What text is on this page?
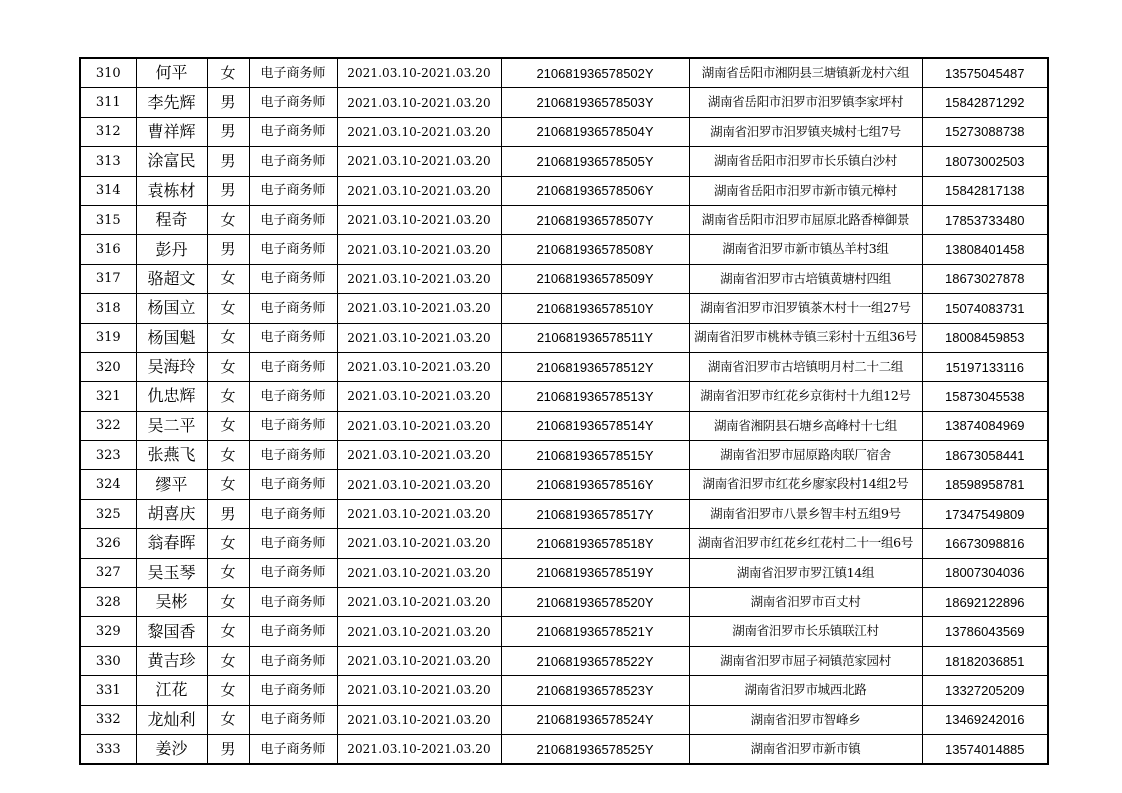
310	何平	女	电子商务师	2021.03.10-2021.03.20	210681936578502Y	湖南省岳阳市湘阴县三塘镇新龙村六组	13575045487
311	李先辉	男	电子商务师	2021.03.10-2021.03.20	210681936578503Y	湖南省岳阳市汨罗市汨罗镇李家坪村	15842871292
312	曹祥辉	男	电子商务师	2021.03.10-2021.03.20	210681936578504Y	湖南省汨罗市汨罗镇夹城村七组7号	15273088738
313	涂富民	男	电子商务师	2021.03.10-2021.03.20	210681936578505Y	湖南省岳阳市汨罗市长乐镇白沙村	18073002503
314	袁栋材	男	电子商务师	2021.03.10-2021.03.20	210681936578506Y	湖南省岳阳市汨罗市新市镇元樟村	15842817138
315	程奇	女	电子商务师	2021.03.10-2021.03.20	210681936578507Y	湖南省岳阳市汨罗市屈原北路香樟御景	17853733480
316	彭丹	男	电子商务师	2021.03.10-2021.03.20	210681936578508Y	湖南省汨罗市新市镇丛羊村3组	13808401458
317	骆超文	女	电子商务师	2021.03.10-2021.03.20	210681936578509Y	湖南省汨罗市古培镇黄塘村四组	18673027878
318	杨国立	女	电子商务师	2021.03.10-2021.03.20	210681936578510Y	湖南省汨罗市汨罗镇茶木村十一组27号	15074083731
319	杨国魁	女	电子商务师	2021.03.10-2021.03.20	210681936578511Y	湖南省汨罗市桃林寺镇三彩村十五组36号	18008459853
320	吴海玲	女	电子商务师	2021.03.10-2021.03.20	210681936578512Y	湖南省汨罗市古培镇明月村二十二组	15197133116
321	仇忠辉	女	电子商务师	2021.03.10-2021.03.20	210681936578513Y	湖南省汨罗市红花乡京街村十九组12号	15873045538
322	吴二平	女	电子商务师	2021.03.10-2021.03.20	210681936578514Y	湖南省湘阴县石塘乡高峰村十七组	13874084969
323	张燕飞	女	电子商务师	2021.03.10-2021.03.20	210681936578515Y	湖南省汨罗市屈原路肉联厂宿舍	18673058441
324	缪平	女	电子商务师	2021.03.10-2021.03.20	210681936578516Y	湖南省汨罗市红花乡廖家段村14组2号	18598958781
325	胡喜庆	男	电子商务师	2021.03.10-2021.03.20	210681936578517Y	湖南省汨罗市八景乡智丰村五组9号	17347549809
326	翁春晖	女	电子商务师	2021.03.10-2021.03.20	210681936578518Y	湖南省汨罗市红花乡红花村二十一组6号	16673098816
327	吴玉琴	女	电子商务师	2021.03.10-2021.03.20	210681936578519Y	湖南省汨罗市罗江镇14组	18007304036
328	吴彬	女	电子商务师	2021.03.10-2021.03.20	210681936578520Y	湖南省汨罗市百丈村	18692122896
329	黎国香	女	电子商务师	2021.03.10-2021.03.20	210681936578521Y	湖南省汨罗市长乐镇联江村	13786043569
330	黄吉珍	女	电子商务师	2021.03.10-2021.03.20	210681936578522Y	湖南省汨罗市屈子祠镇范家园村	18182036851
331	江花	女	电子商务师	2021.03.10-2021.03.20	210681936578523Y	湖南省汨罗市城西北路	13327205209
332	龙灿利	女	电子商务师	2021.03.10-2021.03.20	210681936578524Y	湖南省汨罗市智峰乡	13469242016
333	姜沙	男	电子商务师	2021.03.10-2021.03.20	210681936578525Y	湖南省汨罗市新市镇	13574014885
